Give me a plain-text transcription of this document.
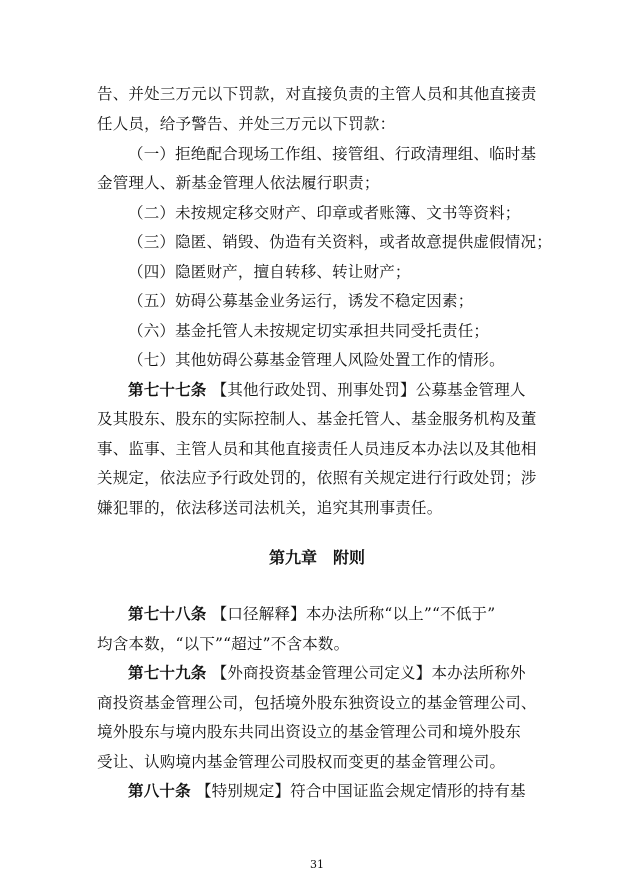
告、并处三万元以下罚款，对直接负责的主管人员和其他直接责
任人员，给予警告、并处三万元以下罚款：
（一）拒绝配合现场工作组、接管组、行政清理组、临时基
金管理人、新基金管理人依法履行职责；
（二）未按规定移交财产、印章或者账簿、文书等资料；
（三）隐匿、销毁、伪造有关资料，或者故意提供虚假情况；
（四）隐匿财产，擅自转移、转让财产；
（五）妨碍公募基金业务运行，诱发不稳定因素；
（六）基金托管人未按规定切实承担共同受托责任；
（七）其他妨碍公募基金管理人风险处置工作的情形。
第七十七条 【其他行政处罚、刑事处罚】公募基金管理人
及其股东、股东的实际控制人、基金托管人、基金服务机构及董
事、监事、主管人员和其他直接责任人员违反本办法以及其他相
关规定，依法应予行政处罚的，依照有关规定进行行政处罚；涉
嫌犯罪的，依法移送司法机关，追究其刑事责任。
第九章　附则
第七十八条 【口径解释】本办法所称“以上”“不低于”
均含本数，“以下”“超过”不含本数。
第七十九条 【外商投资基金管理公司定义】本办法所称外
商投资基金管理公司，包括境外股东独资设立的基金管理公司、
境外股东与境内股东共同出资设立的基金管理公司和境外股东
受让、认购境内基金管理公司股权而变更的基金管理公司。
第八十条 【特别规定】符合中国证监会规定情形的持有基
31
